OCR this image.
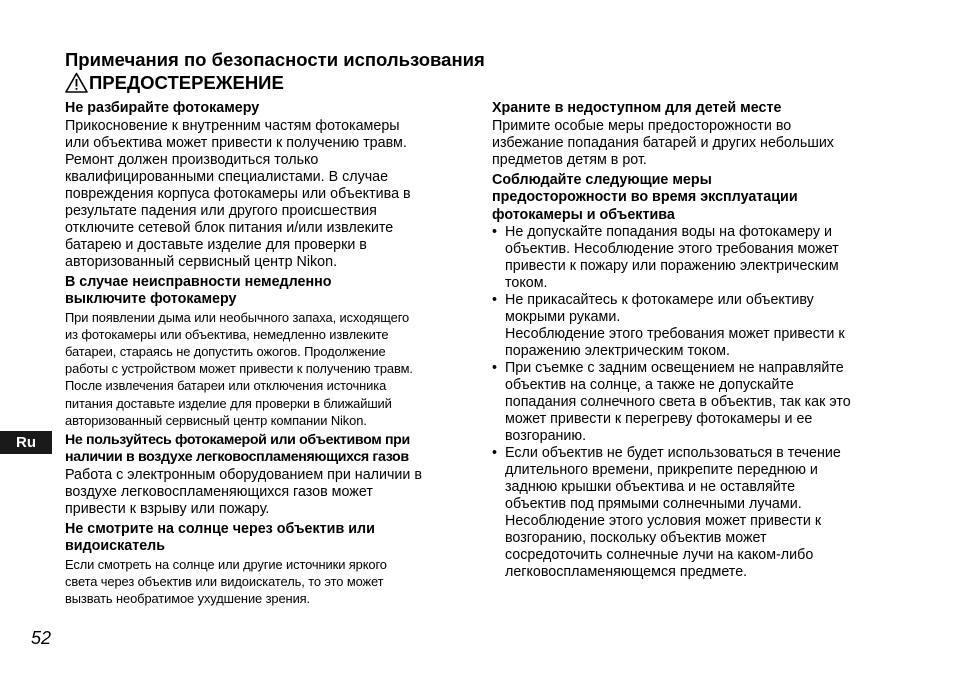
Примечания по безопасности использования
ПРЕДОСТЕРЕЖЕНИЕ
Не разбирайте фотокамеру
Прикосновение к внутренним частям фотокамеры
или объектива может привести к получению травм.
Ремонт должен производиться только
квалифицированными специалистами. В случае
повреждения корпуса фотокамеры или объектива в
результате падения или другого происшествия
отключите сетевой блок питания и/или извлеките
батарею и доставьте изделие для проверки в
авторизованный сервисный центр Nikon.
В случае неисправности немедленно
выключите фотокамеру
При появлении дыма или необычного запаха, исходящего
из фотокамеры или объектива, немедленно извлеките
батареи, стараясь не допустить ожогов. Продолжение
работы с устройством может привести к получению травм.
После извлечения батареи или отключения источника
питания доставьте изделие для проверки в ближайший
авторизованный сервисный центр компании Nikon.
Не пользуйтесь фотокамерой или объективом при
наличии в воздухе легковоспламеняющихся газов
Работа с электронным оборудованием при наличии в
воздухе легковоспламеняющихся газов может
привести к взрыву или пожару.
Не смотрите на солнце через объектив или
видоискатель
Если смотреть на солнце или другие источники яркого
света через объектив или видоискатель, то это может
вызвать необратимое ухудшение зрения.
Храните в недоступном для детей месте
Примите особые меры предосторожности во
избежание попадания батарей и других небольших
предметов детям в рот.
Соблюдайте следующие меры
предосторожности во время эксплуатации
фотокамеры и объектива
• Не допускайте попадания воды на фотокамеру и
объектив. Несоблюдение этого требования может
привести к пожару или поражению электрическим
током.
• Не прикасайтесь к фотокамере или объективу
мокрыми руками.
Несоблюдение этого требования может привести к
поражению электрическим током.
• При съемке с задним освещением не направляйте
объектив на солнце, а также не допускайте
попадания солнечного света в объектив, так как это
может привести к перегреву фотокамеры и ее
возгоранию.
• Если объектив не будет использоваться в течение
длительного времени, прикрепите переднюю и
заднюю крышки объектива и не оставляйте
объектив под прямыми солнечными лучами.
Несоблюдение этого условия может привести к
возгоранию, поскольку объектив может
сосредоточить солнечные лучи на каком-либо
легковоспламеняющемся предмете.
Ru
52
